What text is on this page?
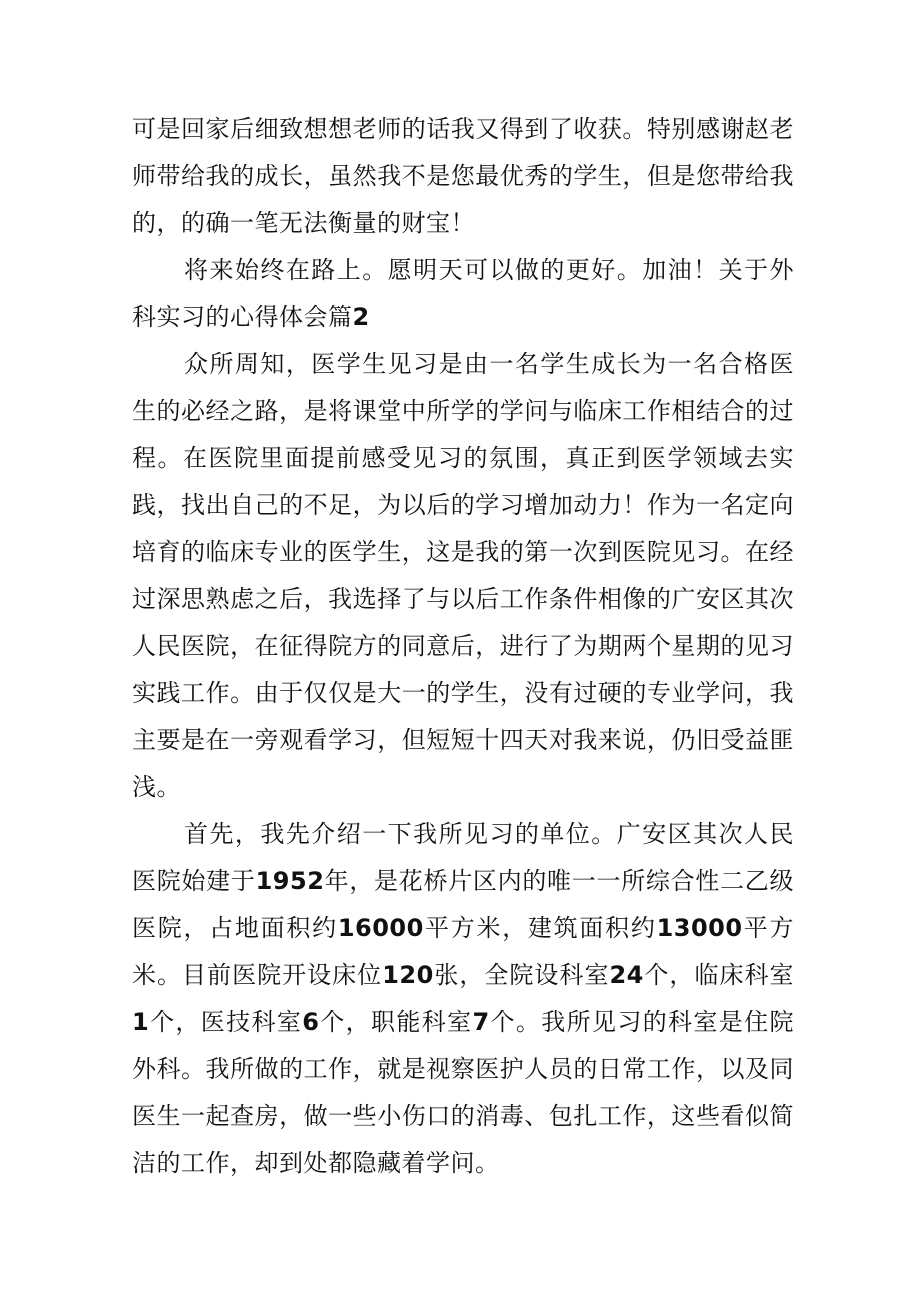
可是回家后细致想想老师的话我又得到了收获。特别感谢赵老师带给我的成长，虽然我不是您最优秀的学生，但是您带给我的，的确一笔无法衡量的财宝！

将来始终在路上。愿明天可以做的更好。加油！关于外科实习的心得体会篇2

众所周知，医学生见习是由一名学生成长为一名合格医生的必经之路，是将课堂中所学的学问与临床工作相结合的过程。在医院里面提前感受见习的氛围，真正到医学领域去实践，找出自己的不足，为以后的学习增加动力！作为一名定向培育的临床专业的医学生，这是我的第一次到医院见习。在经过深思熟虑之后，我选择了与以后工作条件相像的广安区其次人民医院，在征得院方的同意后，进行了为期两个星期的见习实践工作。由于仅仅是大一的学生，没有过硬的专业学问，我主要是在一旁观看学习，但短短十四天对我来说，仍旧受益匪浅。

首先，我先介绍一下我所见习的单位。广安区其次人民医院始建于1952年，是花桥片区内的唯一一所综合性二乙级医院，占地面积约16000平方米，建筑面积约13000平方米。目前医院开设床位120张，全院设科室24个，临床科室1个，医技科室6个，职能科室7个。我所见习的科室是住院外科。我所做的工作，就是视察医护人员的日常工作，以及同医生一起查房，做一些小伤口的消毒、包扎工作，这些看似简洁的工作，却到处都隐藏着学问。
